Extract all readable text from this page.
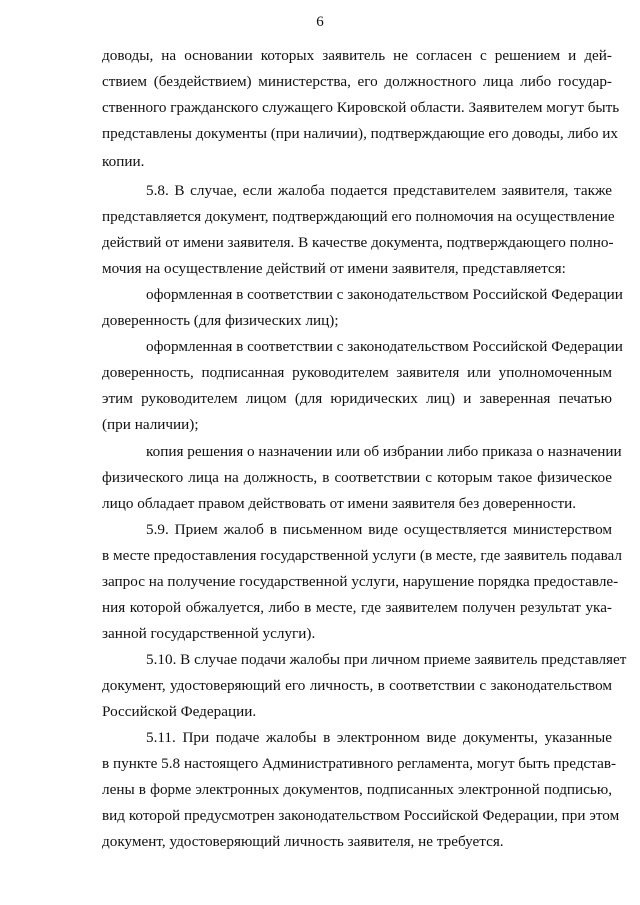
6
доводы, на основании которых заявитель не согласен с решением и дей-
ствием (бездействием) министерства, его должностного лица либо государ-
ственного гражданского служащего Кировской области. Заявителем могут быть
представлены документы (при наличии), подтверждающие его доводы, либо их
копии.
5.8. В случае, если жалоба подается представителем заявителя, также
представляется документ, подтверждающий его полномочия на осуществление
действий от имени заявителя. В качестве документа, подтверждающего полно-
мочия на осуществление действий от имени заявителя, представляется:
оформленная в соответствии с законодательством Российской Федерации
доверенность (для физических лиц);
оформленная в соответствии с законодательством Российской Федерации
доверенность, подписанная руководителем заявителя или уполномоченным
этим руководителем лицом (для юридических лиц) и заверенная печатью
(при наличии);
копия решения о назначении или об избрании либо приказа о назначении
физического лица на должность, в соответствии с которым такое физическое
лицо обладает правом действовать от имени заявителя без доверенности.
5.9. Прием жалоб в письменном виде осуществляется министерством
в месте предоставления государственной услуги (в месте, где заявитель подавал
запрос на получение государственной услуги, нарушение порядка предоставле-
ния которой обжалуется, либо в месте, где заявителем получен результат ука-
занной государственной услуги).
5.10. В случае подачи жалобы при личном приеме заявитель представляет
документ, удостоверяющий его личность, в соответствии с законодательством
Российской Федерации.
5.11. При подаче жалобы в электронном виде документы, указанные
в пункте 5.8 настоящего Административного регламента, могут быть представ-
лены в форме электронных документов, подписанных электронной подписью,
вид которой предусмотрен законодательством Российской Федерации, при этом
документ, удостоверяющий личность заявителя, не требуется.
